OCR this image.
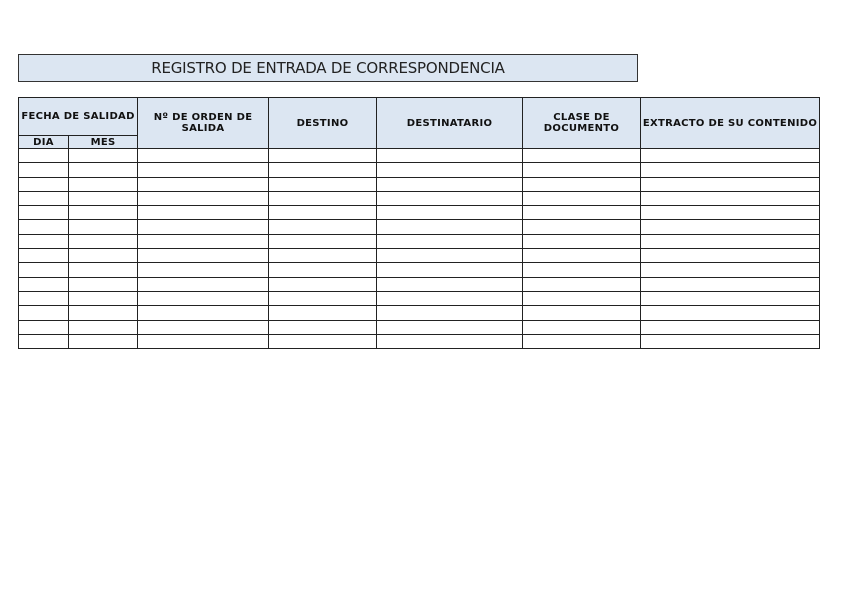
REGISTRO DE ENTRADA DE CORRESPONDENCIA
FECHA DE SALIDAD		Nº DE ORDEN DE SALIDA	DESTINO	DESTINATARIO	CLASE DE DOCUMENTO	EXTRACTO DE SU CONTENIDO
DIA	MES					
